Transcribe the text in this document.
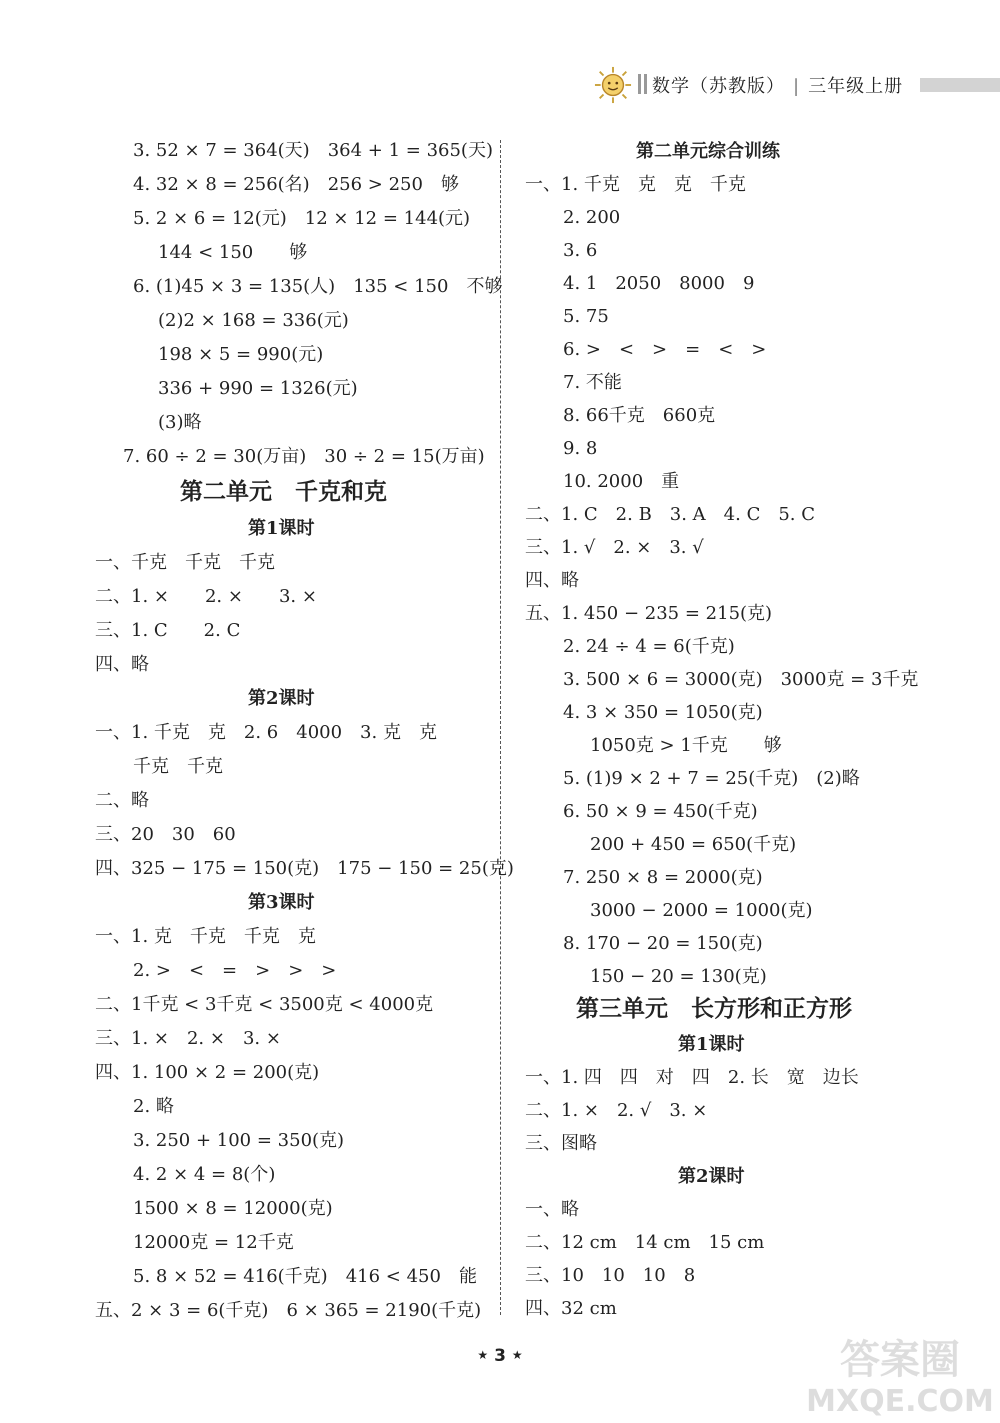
数学（苏教版） | 三年级上册
3. 52 × 7 = 364(天)　364 + 1 = 365(天)
4. 32 × 8 = 256(名)　256 > 250　够
5. 2 × 6 = 12(元)　12 × 12 = 144(元)
144 < 150　　够
6. (1)45 × 3 = 135(人)　135 < 150　不够
(2)2 × 168 = 336(元)
198 × 5 = 990(元)
336 + 990 = 1326(元)
(3)略
7. 60 ÷ 2 = 30(万亩)　30 ÷ 2 = 15(万亩)
第二单元　千克和克
第1课时
一、千克　千克　千克
二、1. ×　　2. ×　　3. ×
三、1. C　　2. C
四、略
第2课时
一、1. 千克　克　2. 6　4000　3. 克　克
千克　千克
二、略
三、20　30　60
四、325 − 175 = 150(克)　175 − 150 = 25(克)
第3课时
一、1. 克　千克　千克　克
2. >　<　=　>　>　>
二、1千克 < 3千克 < 3500克 < 4000克
三、1. ×　2. ×　3. ×
四、1. 100 × 2 = 200(克)
2. 略
3. 250 + 100 = 350(克)
4. 2 × 4 = 8(个)
1500 × 8 = 12000(克)
12000克 = 12千克
5. 8 × 52 = 416(千克)　416 < 450　能
五、2 × 3 = 6(千克)　6 × 365 = 2190(千克)
第二单元综合训练
一、1. 千克　克　克　千克
2. 200
3. 6
4. 1　2050　8000　9
5. 75
6. >　<　>　=　<　>
7. 不能
8. 66千克　660克
9. 8
10. 2000　重
二、1. C　2. B　3. A　4. C　5. C
三、1. √　2. ×　3. √
四、略
五、1. 450 − 235 = 215(克)
2. 24 ÷ 4 = 6(千克)
3. 500 × 6 = 3000(克)　3000克 = 3千克
4. 3 × 350 = 1050(克)
1050克 > 1千克　　够
5. (1)9 × 2 + 7 = 25(千克)　(2)略
6. 50 × 9 = 450(千克)
200 + 450 = 650(千克)
7. 250 × 8 = 2000(克)
3000 − 2000 = 1000(克)
8. 170 − 20 = 150(克)
150 − 20 = 130(克)
第三单元　长方形和正方形
第1课时
一、1. 四　四　对　四　2. 长　宽　边长
二、1. ×　2. √　3. ×
三、图略
第2课时
一、略
二、12 cm　14 cm　15 cm
三、10　10　10　8
四、32 cm
★ 3 ★	答案圈
MXQE.COM
